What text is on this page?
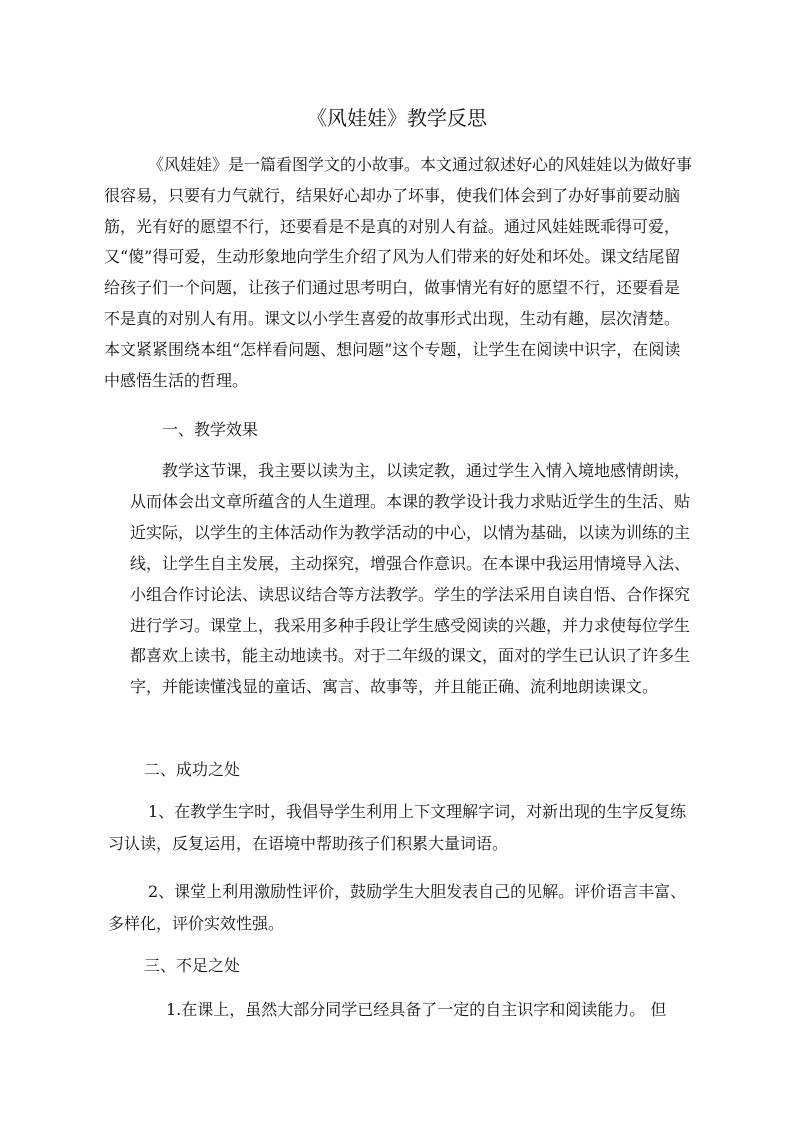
《风娃娃》教学反思
《风娃娃》是一篇看图学文的小故事。本文通过叙述好心的风娃娃以为做好事很容易，只要有力气就行，结果好心却办了坏事，使我们体会到了办好事前要动脑筋，光有好的愿望不行，还要看是不是真的对别人有益。通过风娃娃既乖得可爱，又“傻”得可爱，生动形象地向学生介绍了风为人们带来的好处和坏处。课文结尾留给孩子们一个问题，让孩子们通过思考明白，做事情光有好的愿望不行，还要看是不是真的对别人有用。课文以小学生喜爱的故事形式出现，生动有趣，层次清楚。本文紧紧围绕本组“怎样看问题、想问题”这个专题，让学生在阅读中识字，在阅读中感悟生活的哲理。
一、教学效果
教学这节课，我主要以读为主，以读定教，通过学生入情入境地感情朗读，从而体会出文章所蕴含的人生道理。本课的教学设计我力求贴近学生的生活、贴近实际，以学生的主体活动作为教学活动的中心，以情为基础，以读为训练的主线，让学生自主发展，主动探究，增强合作意识。在本课中我运用情境导入法、小组合作讨论法、读思议结合等方法教学。学生的学法采用自读自悟、合作探究进行学习。课堂上，我采用多种手段让学生感受阅读的兴趣，并力求使每位学生都喜欢上读书，能主动地读书。对于二年级的课文，面对的学生已认识了许多生字，并能读懂浅显的童话、寓言、故事等，并且能正确、流利地朗读课文。
二、成功之处
1、在教学生字时，我倡导学生利用上下文理解字词，对新出现的生字反复练习认读，反复运用，在语境中帮助孩子们积累大量词语。
2、课堂上利用激励性评价，鼓励学生大胆发表自己的见解。评价语言丰富、多样化，评价实效性强。
三、不足之处
1.在课上，虽然大部分同学已经具备了一定的自主识字和阅读能力。 但
